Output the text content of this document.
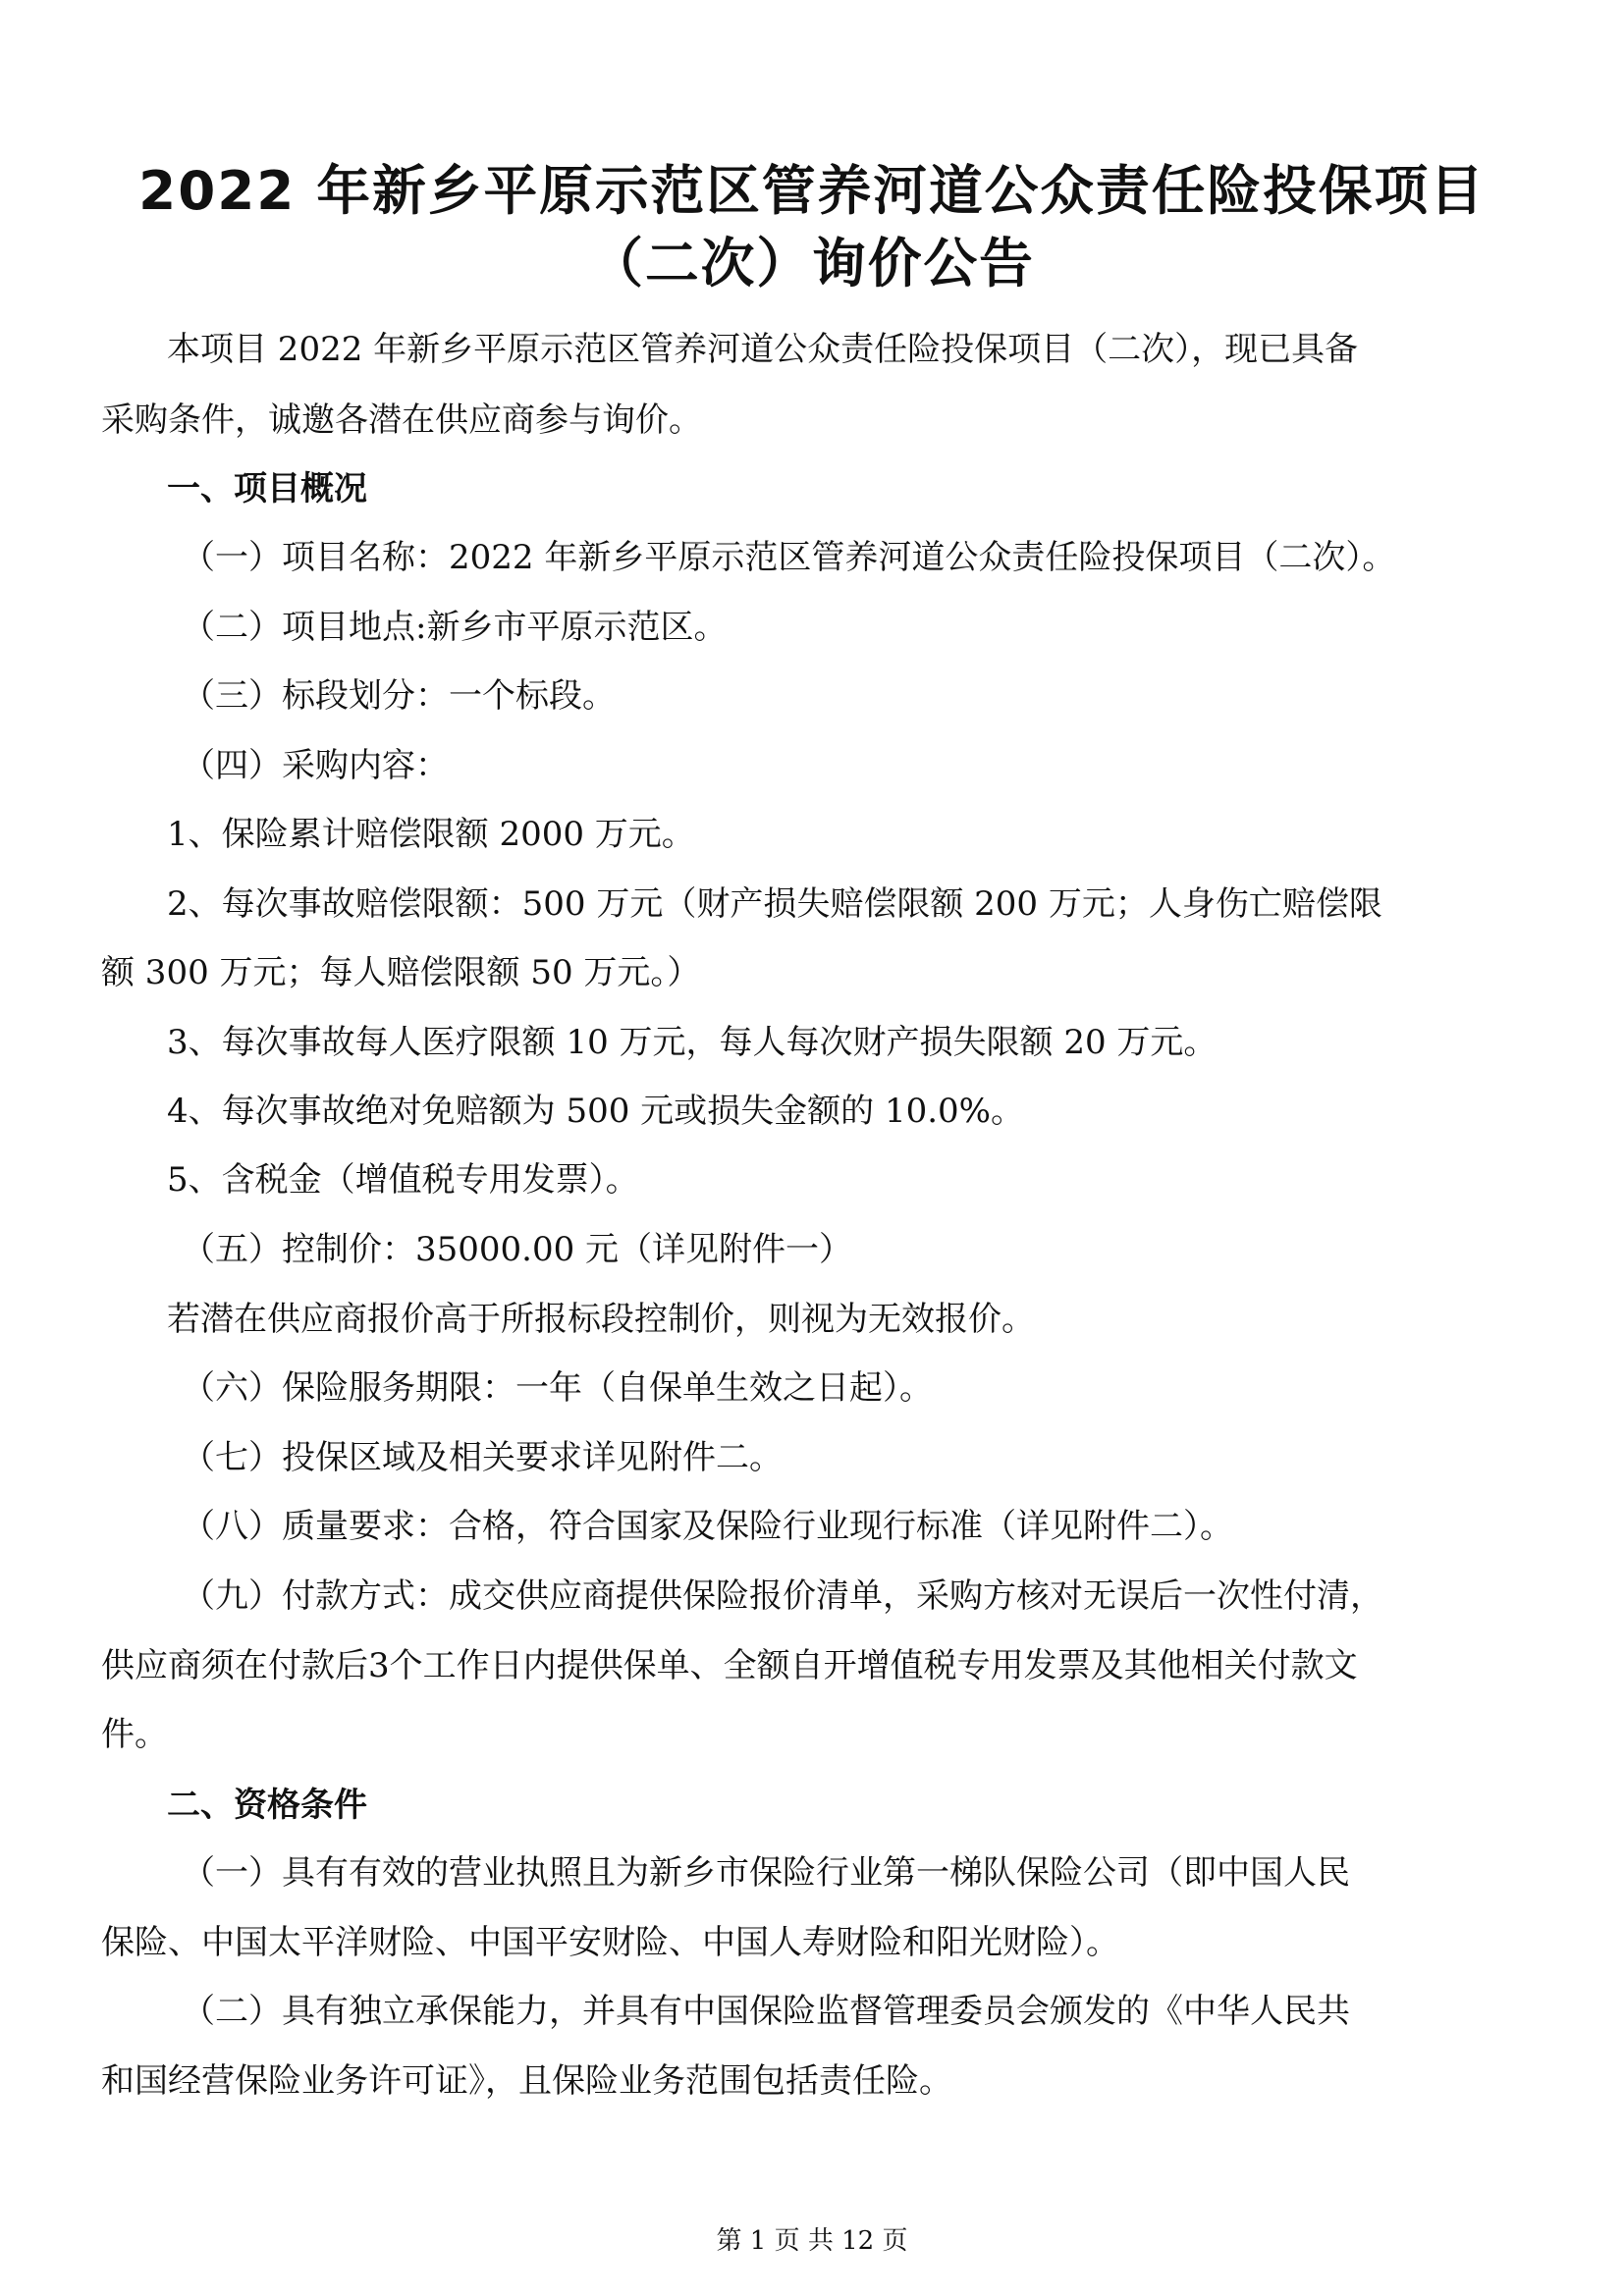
2022 年新乡平原示范区管养河道公众责任险投保项目
（二次）询价公告
本项目 2022 年新乡平原示范区管养河道公众责任险投保项目（二次），现已具备
采购条件，诚邀各潜在供应商参与询价。
一、项目概况
（一）项目名称：2022 年新乡平原示范区管养河道公众责任险投保项目（二次）。
（二）项目地点:新乡市平原示范区。
（三）标段划分：一个标段。
（四）采购内容：
1、保险累计赔偿限额 2000 万元。
2、每次事故赔偿限额：500 万元（财产损失赔偿限额 200 万元；人身伤亡赔偿限
额 300 万元；每人赔偿限额 50 万元。）
3、每次事故每人医疗限额 10 万元，每人每次财产损失限额 20 万元。
4、每次事故绝对免赔额为 500 元或损失金额的 10.0%。
5、含税金（增值税专用发票）。
（五）控制价：35000.00 元（详见附件一）
若潜在供应商报价高于所报标段控制价，则视为无效报价。
（六）保险服务期限：一年（自保单生效之日起）。
（七）投保区域及相关要求详见附件二。
（八）质量要求：合格，符合国家及保险行业现行标准（详见附件二）。
（九）付款方式：成交供应商提供保险报价清单，采购方核对无误后一次性付清，
供应商须在付款后3个工作日内提供保单、全额自开增值税专用发票及其他相关付款文
件。
二、资格条件
（一）具有有效的营业执照且为新乡市保险行业第一梯队保险公司（即中国人民
保险、中国太平洋财险、中国平安财险、中国人寿财险和阳光财险）。
（二）具有独立承保能力，并具有中国保险监督管理委员会颁发的《中华人民共
和国经营保险业务许可证》，且保险业务范围包括责任险。
第 1 页 共 12 页
